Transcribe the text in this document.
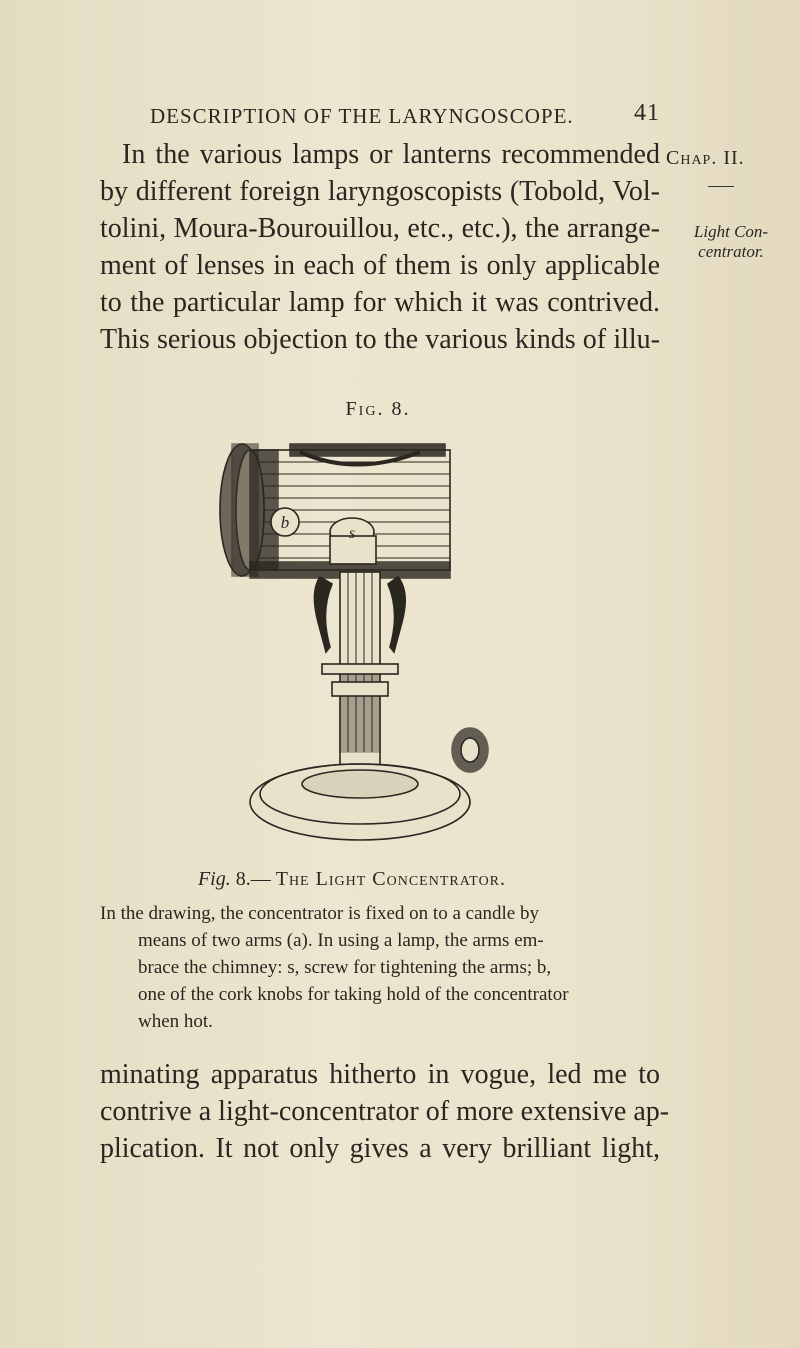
DESCRIPTION OF THE LARYNGOSCOPE.	41
Chap. II.
Light Con-
centrator.
In the various lamps or lanterns recommended
by different foreign laryngoscopists (Tobold, Vol-
tolini, Moura-Bourouillou, etc., etc.), the arrange-
ment of lenses in each of them is only applicable
to the particular lamp for which it was contrived.
This serious objection to the various kinds of illu-
Fig. 8.
b
s
Fig. 8.— The Light Concentrator.
In the drawing, the concentrator is fixed on to a candle by
means of two arms (a). In using a lamp, the arms em-
brace the chimney: s, screw for tightening the arms; b,
one of the cork knobs for taking hold of the concentrator
when hot.
minating apparatus hitherto in vogue, led me to
contrive a light-concentrator of more extensive ap-
plication. It not only gives a very brilliant light,
